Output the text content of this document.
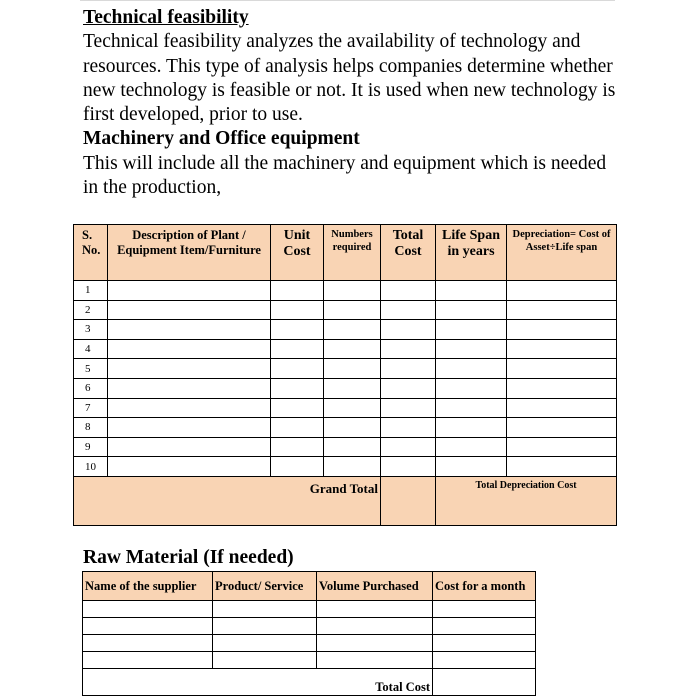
Technical feasibility

Technical feasibility analyzes the availability of technology and resources. This type of analysis helps companies determine whether new technology is feasible or not. It is used when new technology is first developed, prior to use.

Machinery and Office equipment

This will include all the machinery and equipment which is needed in the production,

S. No.	Description of Plant / Equipment Item/Furniture	Unit Cost	Numbers required	Total Cost	Life Span in years	Depreciation= Cost of Asset÷Life span
1						
2						
3						
4						
5						
6						
7						
8						
9						
10						
Grand Total					Total Depreciation Cost	

Raw Material (If needed)

Name of the supplier	Product/ Service	Volume Purchased	Cost for a month

Total Cost			
